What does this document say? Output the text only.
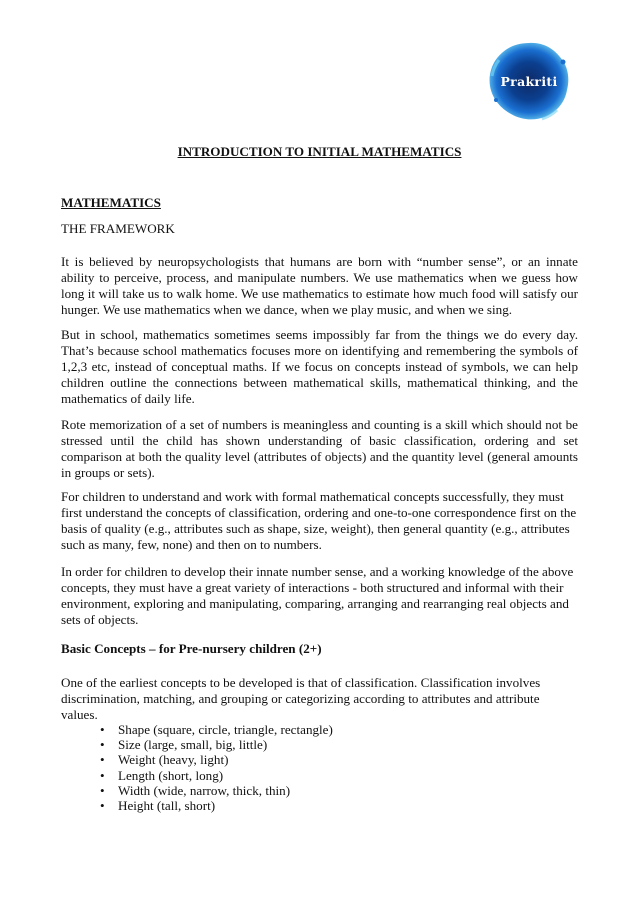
Prakriti

INTRODUCTION TO INITIAL MATHEMATICS

MATHEMATICS

THE FRAMEWORK

It is believed by neuropsychologists that humans are born with “number sense”, or an innate ability to perceive, process, and manipulate numbers. We use mathematics when we guess how long it will take us to walk home. We use mathematics to estimate how much food will satisfy our hunger. We use mathematics when we dance, when we play music, and when we sing.

But in school, mathematics sometimes seems impossibly far from the things we do every day. That’s because school mathematics focuses more on identifying and remembering the symbols of 1,2,3 etc, instead of conceptual maths. If we focus on concepts instead of symbols, we can help children outline the connections between mathematical skills, mathematical thinking, and the mathematics of daily life.

Rote memorization of a set of numbers is meaningless and counting is a skill which should not be stressed until the child has shown understanding of basic classification, ordering and set comparison at both the quality level (attributes of objects) and the quantity level (general amounts in groups or sets).

For children to understand and work with formal mathematical concepts successfully, they must first understand the concepts of classification, ordering and one-to-one correspondence first on the basis of quality (e.g., attributes such as shape, size, weight), then general quantity (e.g., attributes such as many, few, none) and then on to numbers.

In order for children to develop their innate number sense, and a working knowledge of the above concepts, they must have a great variety of interactions - both structured and informal with their environment, exploring and manipulating, comparing, arranging and rearranging real objects and sets of objects.

Basic Concepts – for Pre-nursery children (2+)

One of the earliest concepts to be developed is that of classification. Classification involves discrimination, matching, and grouping or categorizing according to attributes and attribute values.

• Shape (square, circle, triangle, rectangle)
• Size (large, small, big, little)
• Weight (heavy, light)
• Length (short, long)
• Width (wide, narrow, thick, thin)
• Height (tall, short)
